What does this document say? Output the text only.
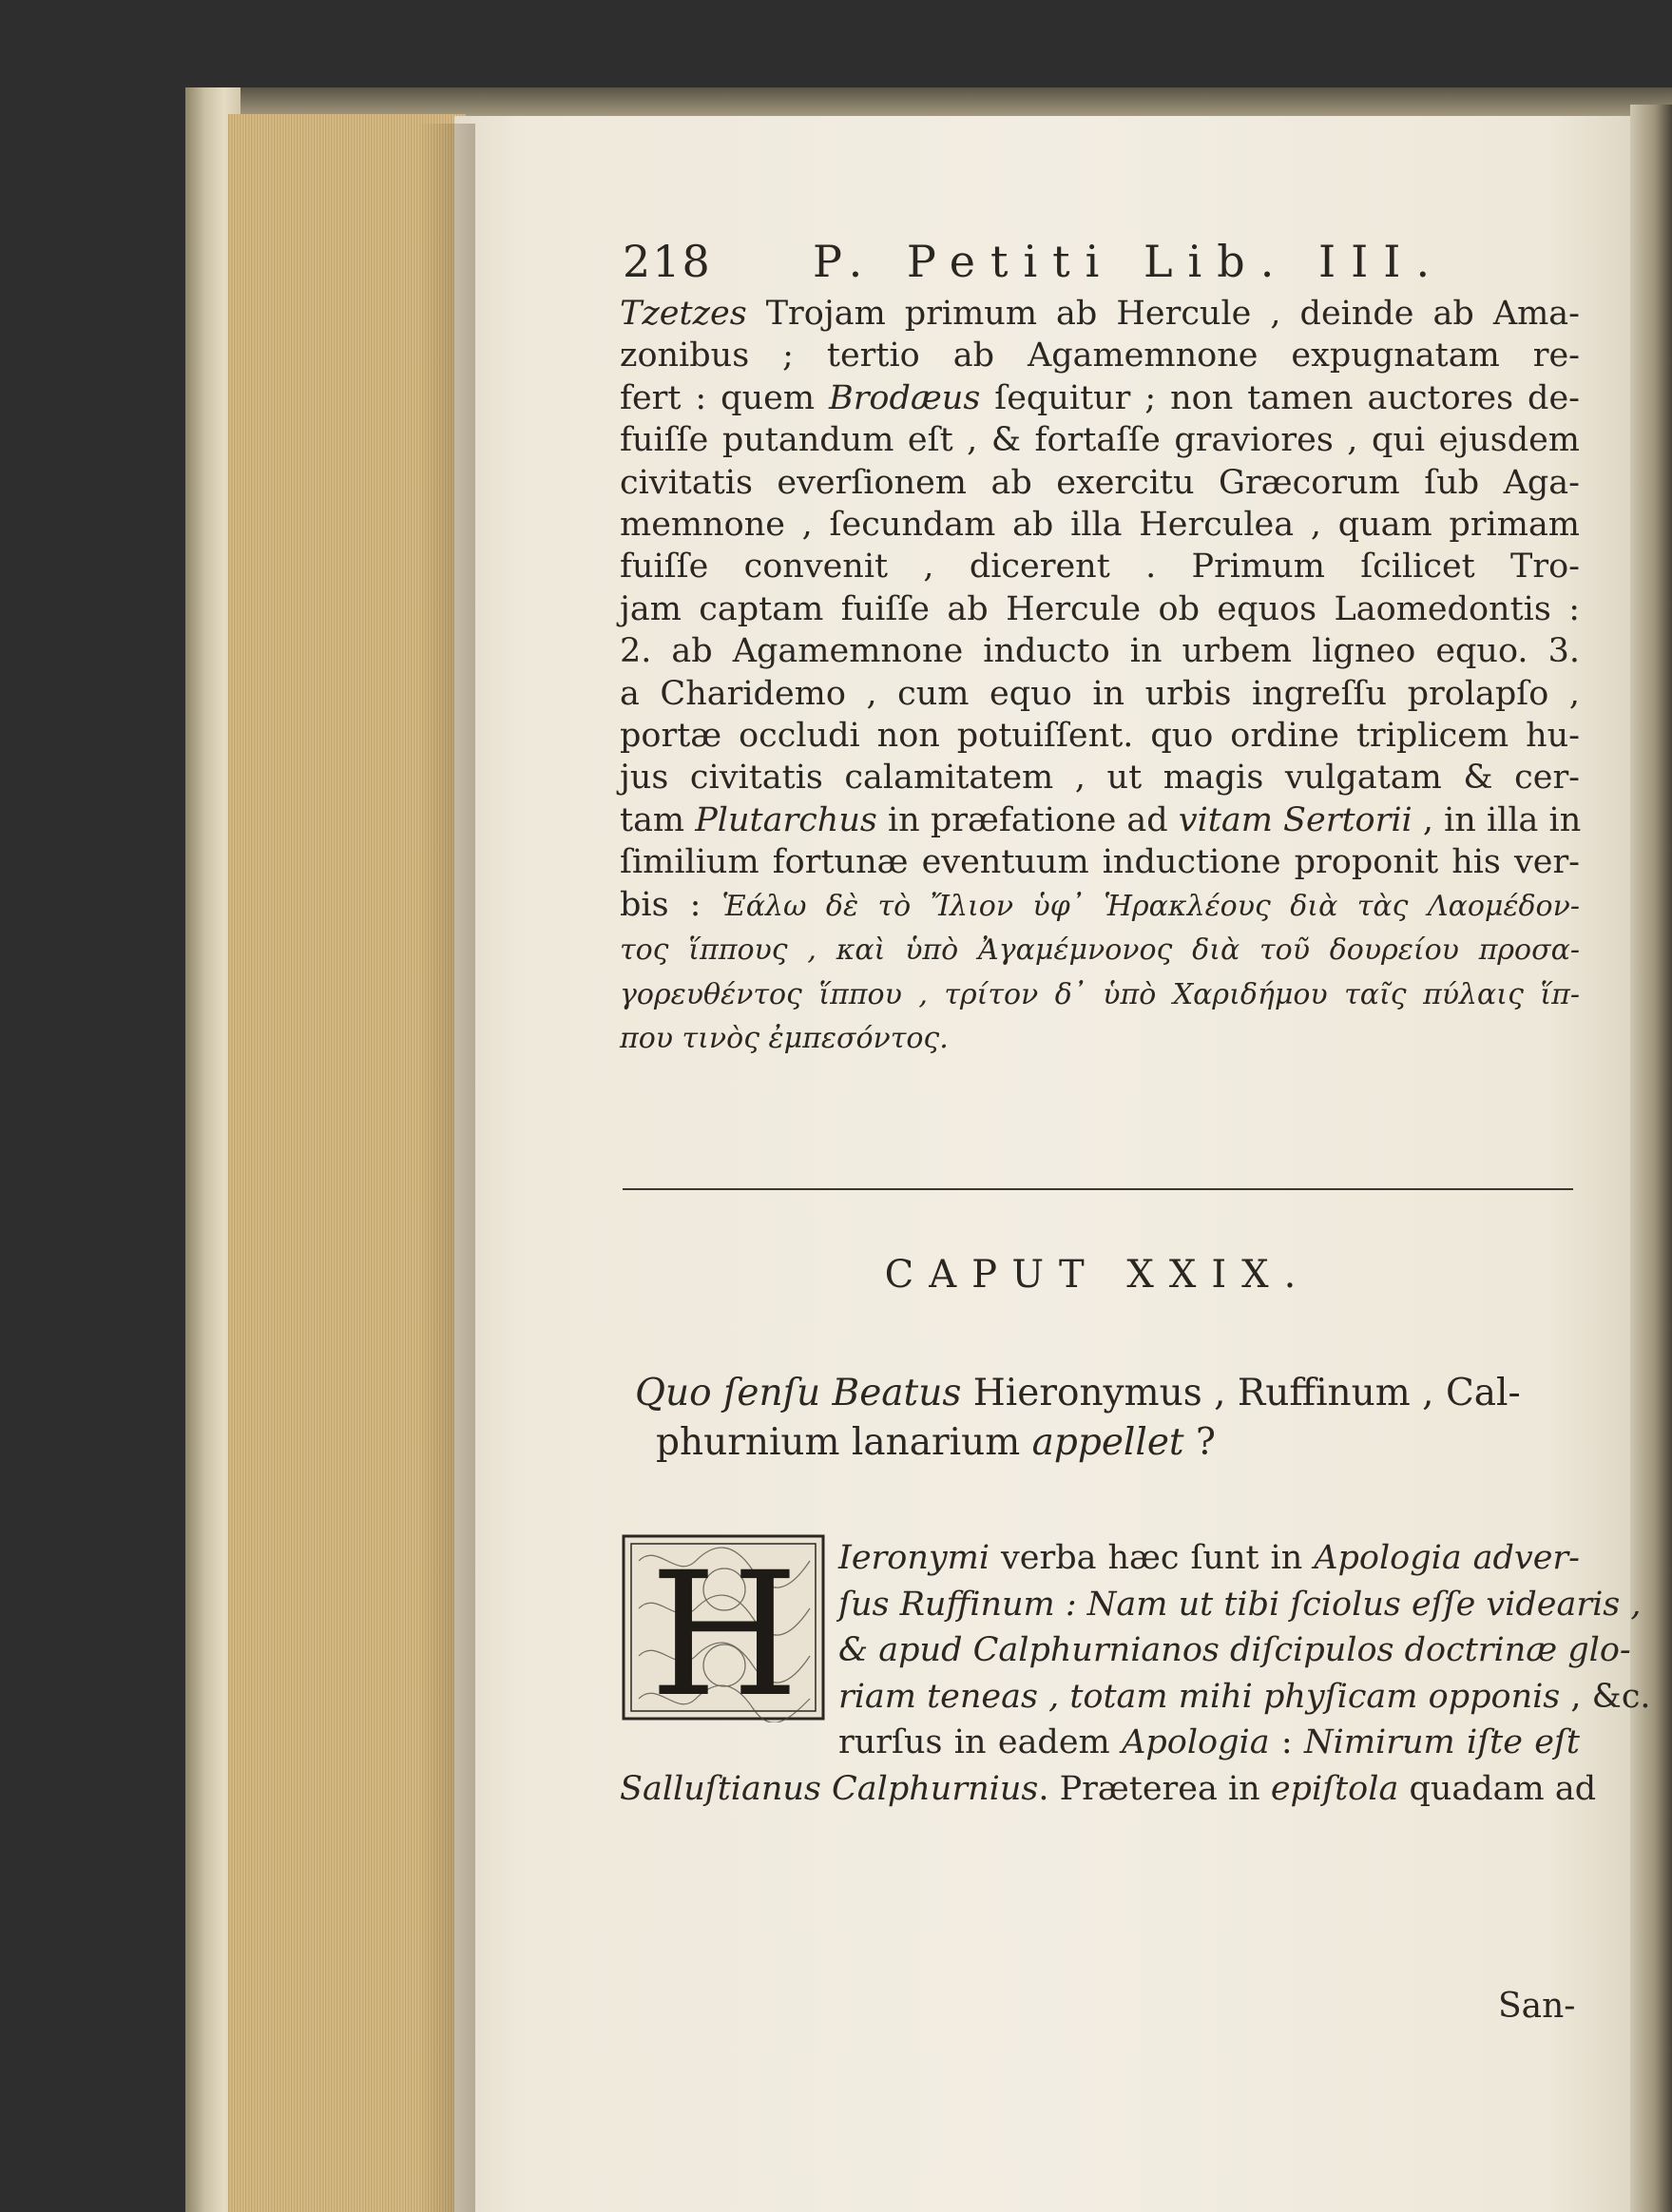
218 P. Petiti Lib. III.
Tzetzes Trojam primum ab Hercule , deinde ab Ama-
zonibus ; tertio ab Agamemnone expugnatam re-
fert : quem Brodæus ſequitur ; non tamen auctores de-
fuiſſe putandum eſt , & fortaſſe graviores , qui ejusdem
civitatis everſionem ab exercitu Græcorum ſub Aga-
memnone , ſecundam ab illa Herculea , quam primam
fuiſſe convenit , dicerent . Primum ſcilicet Tro-
jam captam fuiſſe ab Hercule ob equos Laomedontis :
2. ab Agamemnone inducto in urbem ligneo equo. 3.
a Charidemo , cum equo in urbis ingreſſu prolapſo ,
portæ occludi non potuiſſent. quo ordine triplicem hu-
jus civitatis calamitatem , ut magis vulgatam & cer-
tam Plutarchus in præfatione ad vitam Sertorii , in illa in
ſimilium fortunæ eventuum inductione proponit his ver-
bis : Ἑάλω δὲ τὸ Ἴλιον ὑφ᾽ Ἡρακλέους διὰ τὰς Λαομέδον-
τος ἵππους , καὶ ὑπὸ Ἀγαμέμνονος διὰ τοῦ δουρείου προσα-
γορευθέντος ἵππου , τρίτον δ᾽ ὑπὸ Χαριδήμου ταῖς πύλαις ἵπ-
που τινὸς ἐμπεσόντος.
CAPUT XXIX.
Quo ſenſu Beatus Hieronymus , Ruffinum , Cal-
phurnium lanarium appellet ?
H	Ieronymi verba hæc ſunt in Apologia adver-
ſus Ruffinum : Nam ut tibi ſciolus eſſe videaris ,
& apud Calphurnianos diſcipulos doctrinæ glo-
riam teneas , totam mihi phyſicam opponis , &c.
rurſus in eadem Apologia : Nimirum iſte eſt
Salluſtianus Calphurnius. Præterea in epiſtola quadam ad
San-
